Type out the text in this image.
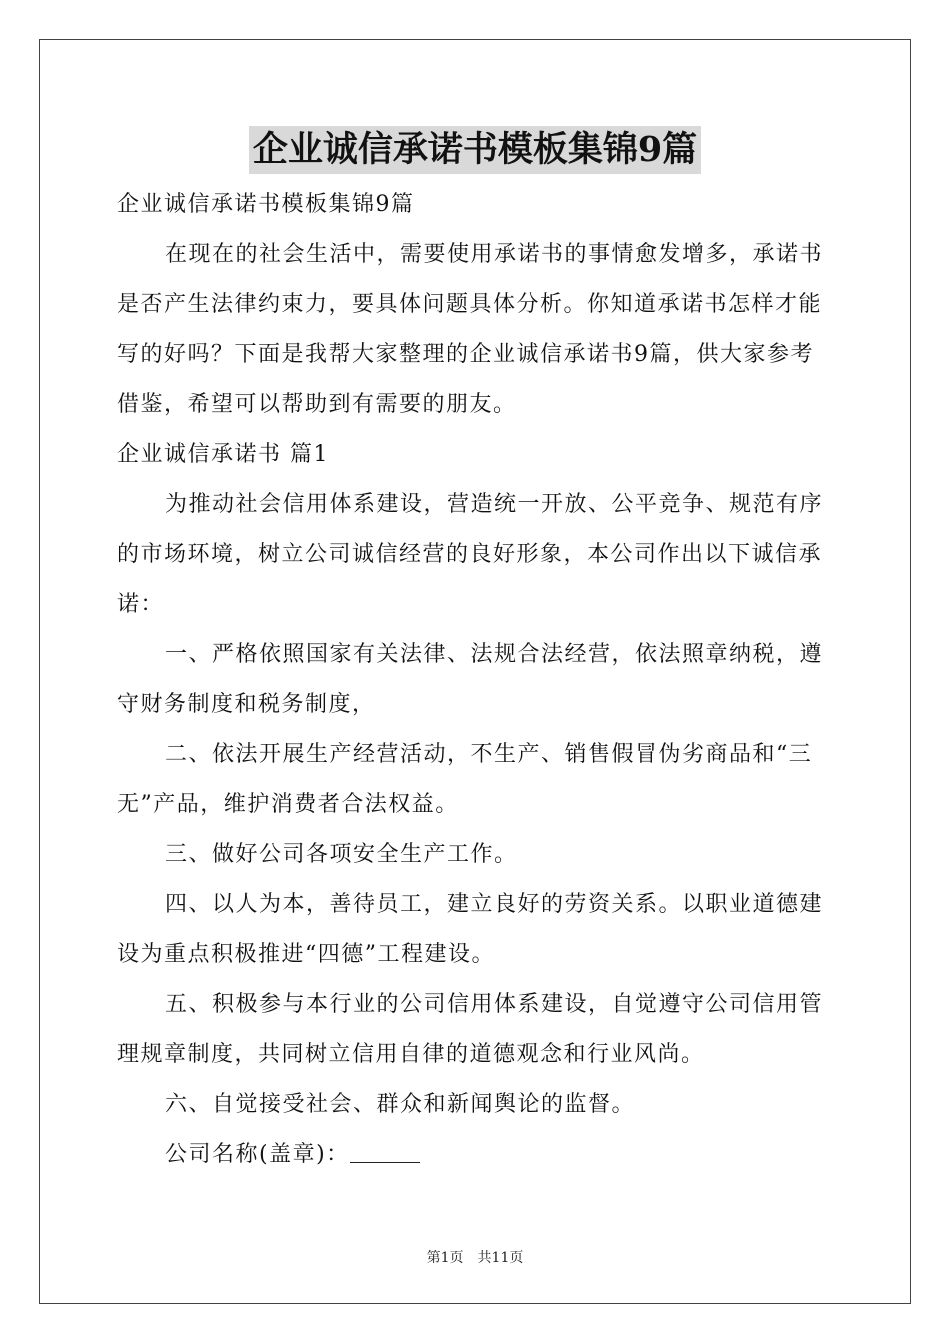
企业诚信承诺书模板集锦9篇

企业诚信承诺书模板集锦9篇

在现在的社会生活中，需要使用承诺书的事情愈发增多，承诺书是否产生法律约束力，要具体问题具体分析。你知道承诺书怎样才能写的好吗？下面是我帮大家整理的企业诚信承诺书9篇，供大家参考借鉴，希望可以帮助到有需要的朋友。

企业诚信承诺书 篇1

为推动社会信用体系建设，营造统一开放、公平竞争、规范有序的市场环境，树立公司诚信经营的良好形象，本公司作出以下诚信承诺：

一、严格依照国家有关法律、法规合法经营，依法照章纳税，遵守财务制度和税务制度，

二、依法开展生产经营活动，不生产、销售假冒伪劣商品和“三无”产品，维护消费者合法权益。

三、做好公司各项安全生产工作。

四、以人为本，善待员工，建立良好的劳资关系。以职业道德建设为重点积极推进“四德”工程建设。

五、积极参与本行业的公司信用体系建设，自觉遵守公司信用管理规章制度，共同树立信用自律的道德观念和行业风尚。

六、自觉接受社会、群众和新闻舆论的监督。

公司名称(盖章)：

第1页　共11页
